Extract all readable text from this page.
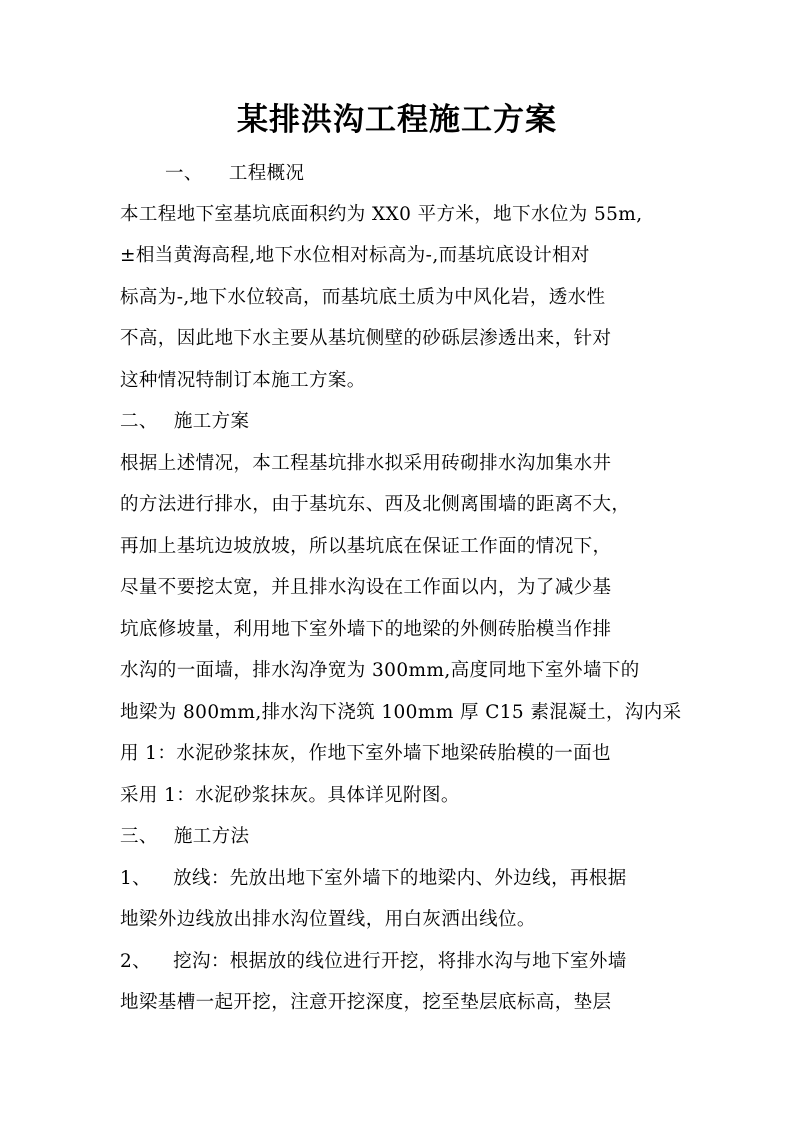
某排洪沟工程施工方案
一、 工程概况
本工程地下室基坑底面积约为 XX0 平方米，地下水位为 55m,
±相当黄海高程,地下水位相对标高为-,而基坑底设计相对
标高为-,地下水位较高，而基坑底土质为中风化岩，透水性
不高，因此地下水主要从基坑侧壁的砂砾层渗透出来，针对
这种情况特制订本施工方案。
二、 施工方案
根据上述情况，本工程基坑排水拟采用砖砌排水沟加集水井
的方法进行排水，由于基坑东、西及北侧离围墙的距离不大，
再加上基坑边坡放坡，所以基坑底在保证工作面的情况下，
尽量不要挖太宽，并且排水沟设在工作面以内，为了减少基
坑底修坡量，利用地下室外墙下的地梁的外侧砖胎模当作排
水沟的一面墙，排水沟净宽为 300mm,高度同地下室外墙下的
地梁为 800mm,排水沟下浇筑 100mm 厚 C15 素混凝土，沟内采
用 1：水泥砂浆抹灰，作地下室外墙下地梁砖胎模的一面也
采用 1：水泥砂浆抹灰。具体详见附图。
三、 施工方法
1、 放线：先放出地下室外墙下的地梁内、外边线，再根据
地梁外边线放出排水沟位置线，用白灰洒出线位。
2、 挖沟：根据放的线位进行开挖，将排水沟与地下室外墙
地梁基槽一起开挖，注意开挖深度，挖至垫层底标高，垫层
